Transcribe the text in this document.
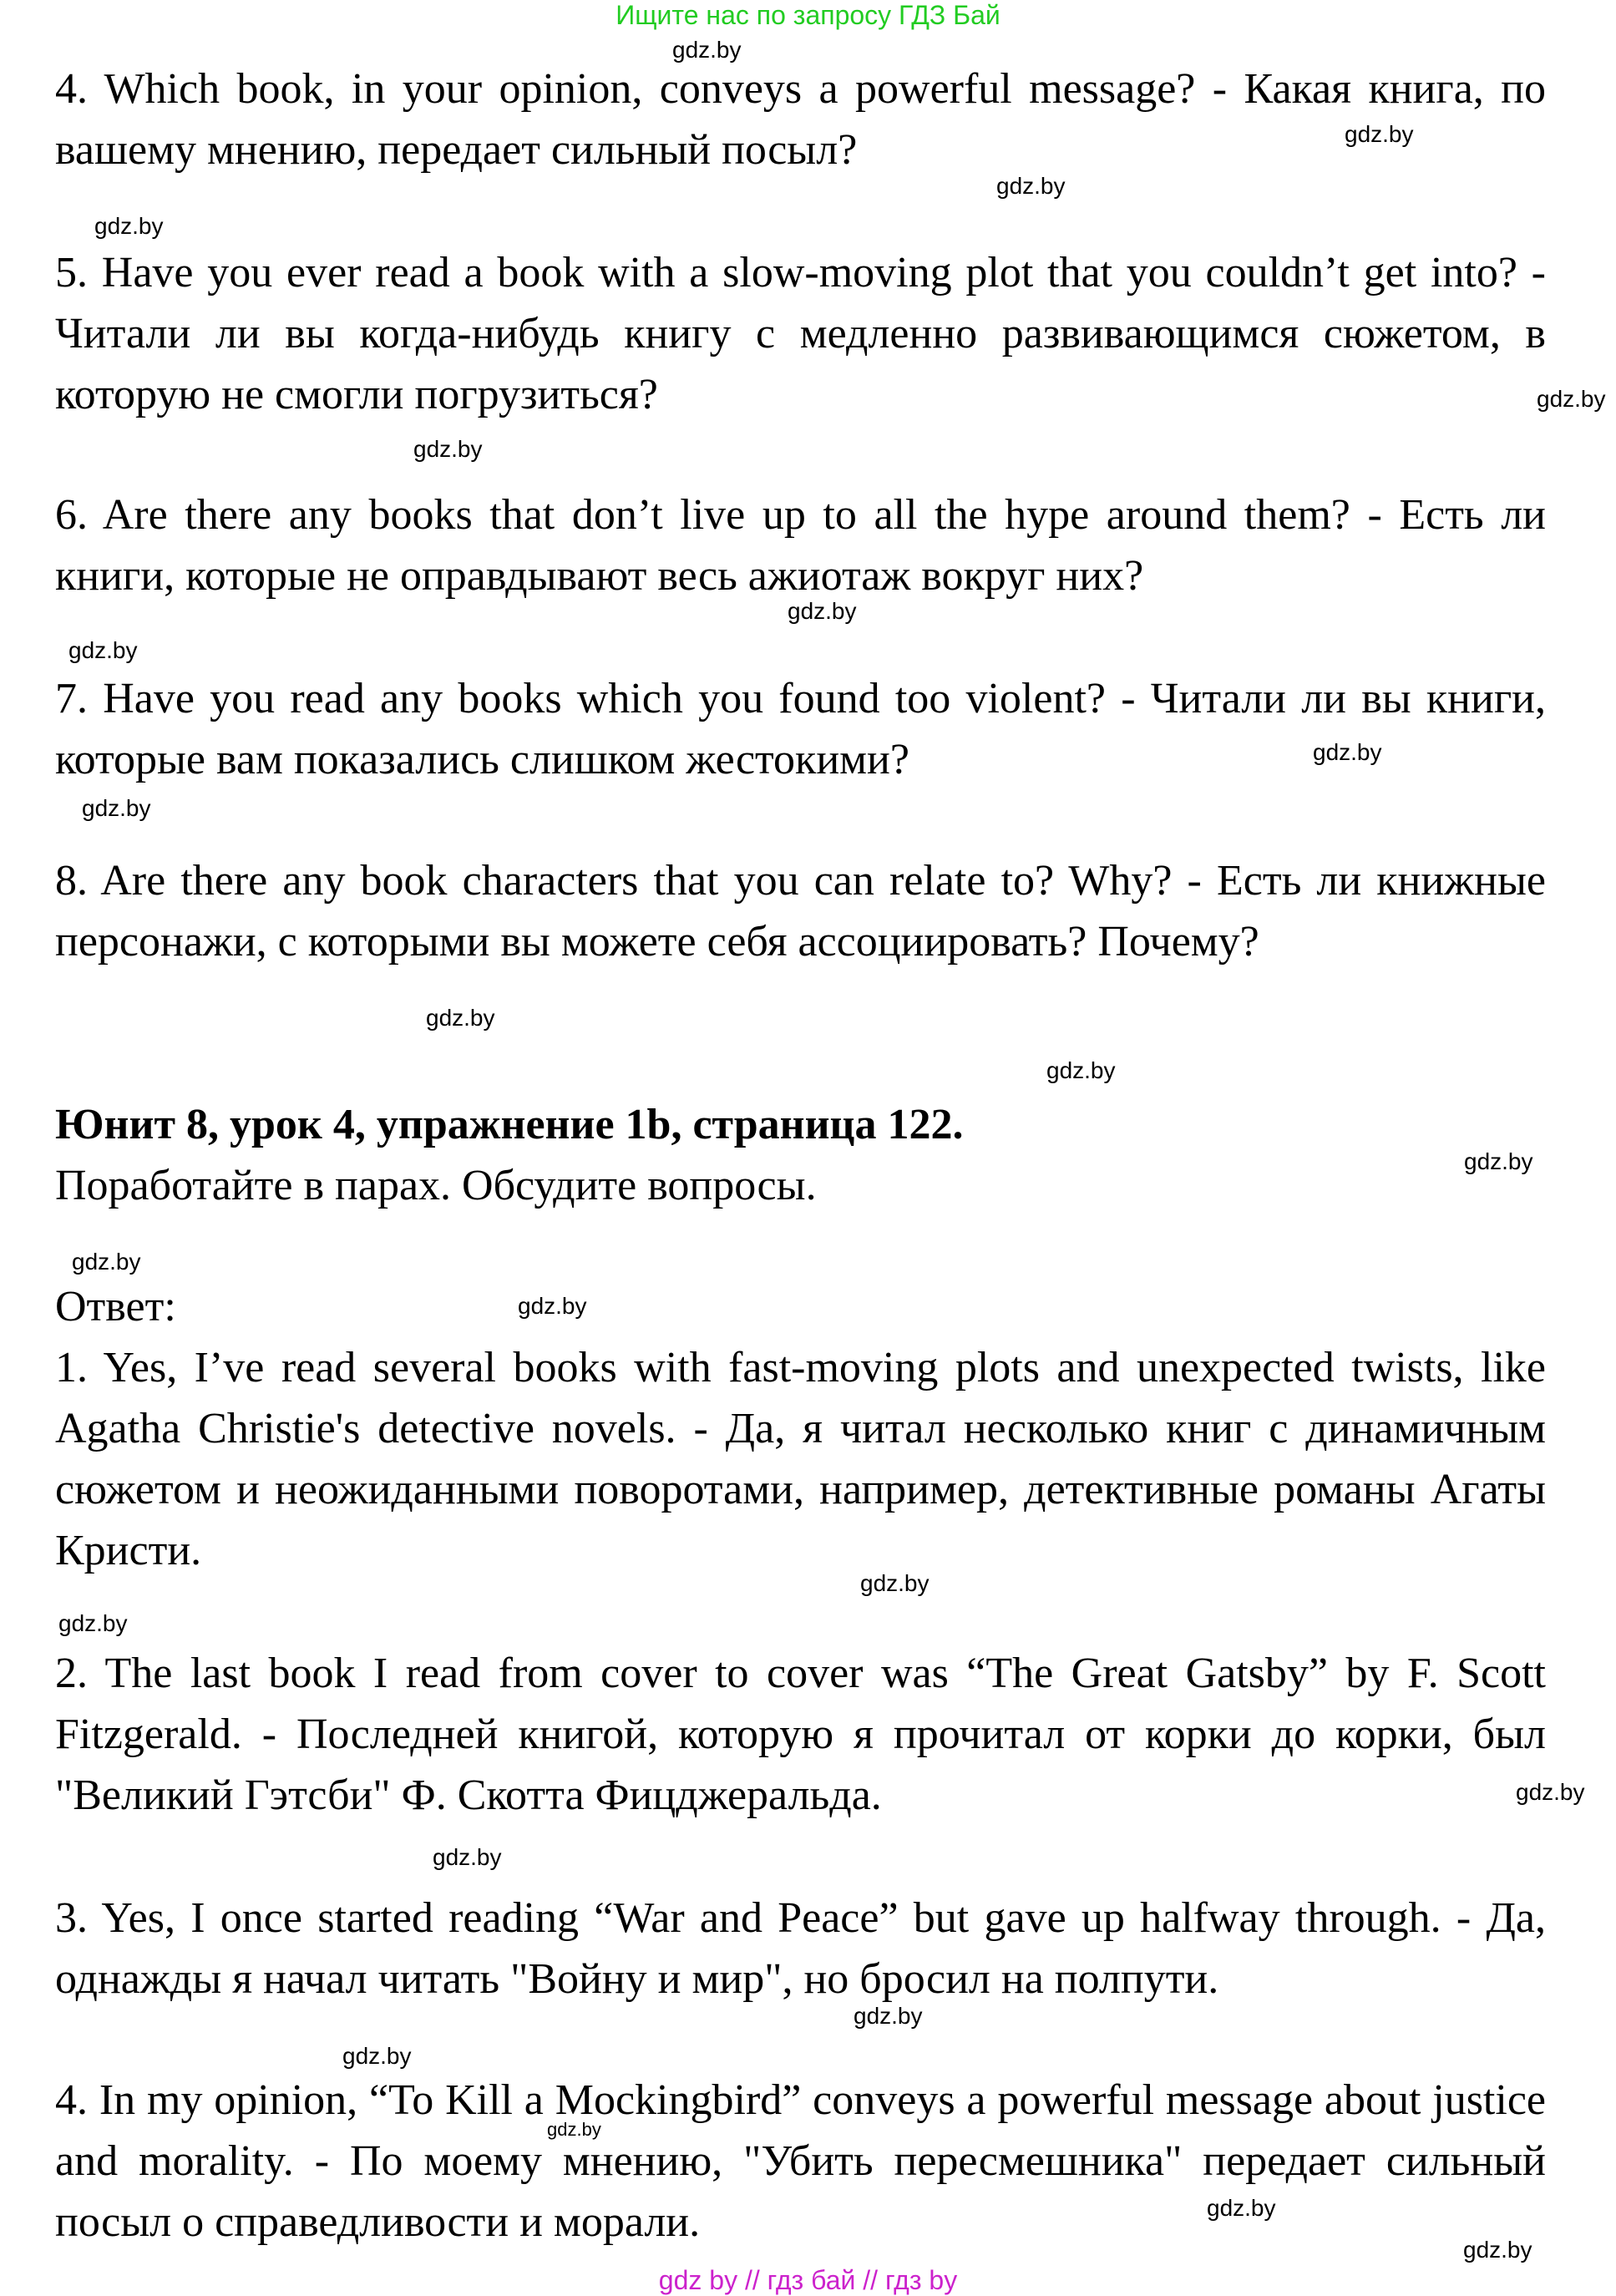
Ищите нас по запросу ГДЗ Бай

4. Which book, in your opinion, conveys a powerful message? - Какая книга, по вашему мнению, передает сильный посыл?

5. Have you ever read a book with a slow-moving plot that you couldn’t get into? - Читали ли вы когда-нибудь книгу с медленно развивающимся сюжетом, в которую не смогли погрузиться?

6. Are there any books that don’t live up to all the hype around them? - Есть ли книги, которые не оправдывают весь ажиотаж вокруг них?

7. Have you read any books which you found too violent? - Читали ли вы книги, которые вам показались слишком жестокими?

8. Are there any book characters that you can relate to? Why? - Есть ли книжные персонажи, с которыми вы можете себя ассоциировать? Почему?

Юнит 8, урок 4, упражнение 1b, страница 122.

Поработайте в парах. Обсудите вопросы.

Ответ:

1. Yes, I’ve read several books with fast-moving plots and unexpected twists, like Agatha Christie's detective novels. - Да, я читал несколько книг с динамичным сюжетом и неожиданными поворотами, например, детективные романы Агаты Кристи.

2. The last book I read from cover to cover was “The Great Gatsby” by F. Scott Fitzgerald. - Последней книгой, которую я прочитал от корки до корки, был "Великий Гэтсби" Ф. Скотта Фицджеральда.

3. Yes, I once started reading “War and Peace” but gave up halfway through. - Да, однажды я начал читать "Войну и мир", но бросил на полпути.

4. In my opinion, “To Kill a Mockingbird” conveys a powerful message about justice and morality. - По моему мнению, "Убить пересмешника" передает сильный посыл о справедливости и морали.

gdz.by
gdz.by
gdz.by
gdz.by
gdz.by
gdz.by
gdz.by
gdz.by
gdz.by
gdz.by
gdz.by
gdz.by
gdz.by
gdz.by
gdz.by
gdz.by
gdz.by
gdz.by
gdz.by
gdz.by
gdz.by
gdz.by
gdz.by
gdz.by
gdz by // гдз бай // гдз by
